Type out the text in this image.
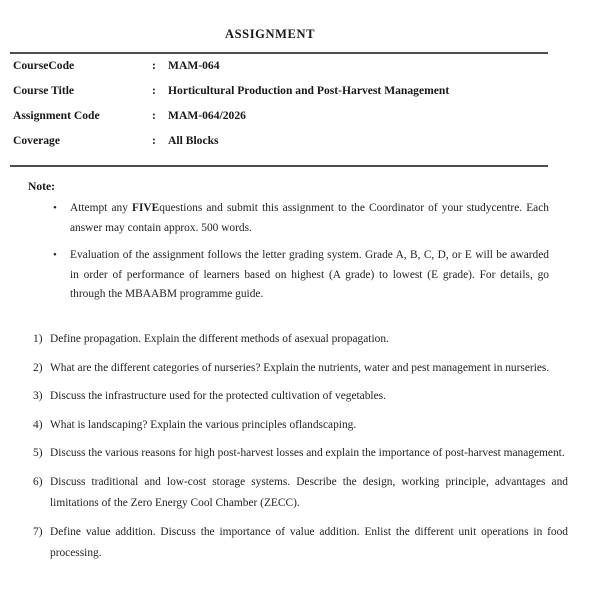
ASSIGNMENT
CourseCode	:	MAM-064
Course Title	:	Horticultural Production and Post-Harvest Management
Assignment Code	:	MAM-064/2026
Coverage	:	All Blocks
Note:
• Attempt any FIVEquestions and submit this assignment to the Coordinator of your studycentre. Each answer may contain approx. 500 words.
• Evaluation of the assignment follows the letter grading system. Grade A, B, C, D, or E will be awarded in order of performance of learners based on highest (A grade) to lowest (E grade). For details, go through the MBAABM programme guide.
1) Define propagation. Explain the different methods of asexual propagation.
2) What are the different categories of nurseries? Explain the nutrients, water and pest management in nurseries.
3) Discuss the infrastructure used for the protected cultivation of vegetables.
4) What is landscaping? Explain the various principles oflandscaping.
5) Discuss the various reasons for high post-harvest losses and explain the importance of post-harvest management.
6) Discuss traditional and low-cost storage systems. Describe the design, working principle, advantages and limitations of the Zero Energy Cool Chamber (ZECC).
7) Define value addition. Discuss the importance of value addition. Enlist the different unit operations in food processing.
